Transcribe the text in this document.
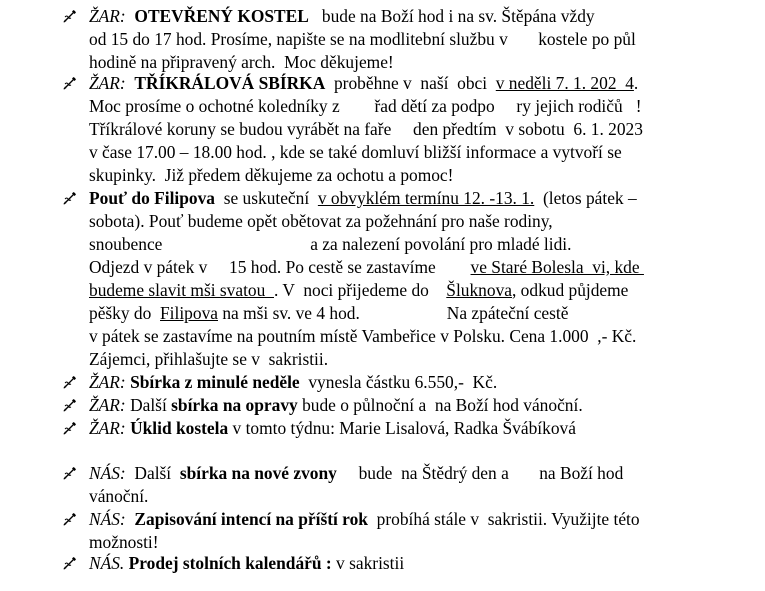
ŽAR: OTEVŘENÝ KOSTEL   bude na Boží hod i na sv. Štěpána vždy
od 15 do 17 hod. Prosíme, napište se na modlitební službu v       kostele po půl
hodině na připravený arch.  Moc děkujeme!
ŽAR: TŘÍKRÁLOVÁ SBÍRKA  proběhne v  naší  obci  v neděli 7. 1. 202  4.
Moc prosíme o ochotné koledníky z        řad dětí za podpo     ry jejich rodičů   !
Tříkrálové koruny se budou vyrábět na faře     den předtím  v sobotu  6. 1. 2023
v čase 17.00 – 18.00 hod. , kde se také domluví bližší informace a vytvoří se
skupinky.  Již předem děkujeme za ochotu a pomoc!
Pouť do Filipova  se uskuteční  v obvyklém termínu 12. -13. 1.  (letos pátek –
sobota). Pouť budeme opět obětovat za požehnání pro naše rodiny,
snoubence                                  a za nalezení povolání pro mladé lidi.
Odjezd v pátek v     15 hod. Po cestě se zastavíme        ve Staré Bolesla  vi, kde
budeme slavit mši svatou  . V  noci přijedeme do    Šluknova, odkud půjdeme
pěšky do  Filipova na mši sv. ve 4 hod.                    Na zpáteční cestě
v pátek se zastavíme na poutním místě Vambeřice v Polsku. Cena 1.000  ,- Kč.
Zájemci, přihlašujte se v  sakristii.
ŽAR: Sbírka z minulé neděle  vynesla částku 6.550,-  Kč.
ŽAR: Další sbírka na opravy bude o půlnoční a  na Boží hod vánoční.
ŽAR: Úklid kostela v tomto týdnu: Marie Lisalová, Radka Švábíková
NÁS:  Další  sbírka na nové zvony     bude  na Štědrý den a       na Boží hod
vánoční.
NÁS: Zapisování intencí na příští rok  probíhá stále v  sakristii. Využijte této
možnosti!
NÁS. Prodej stolních kalendářů : v sakristii
